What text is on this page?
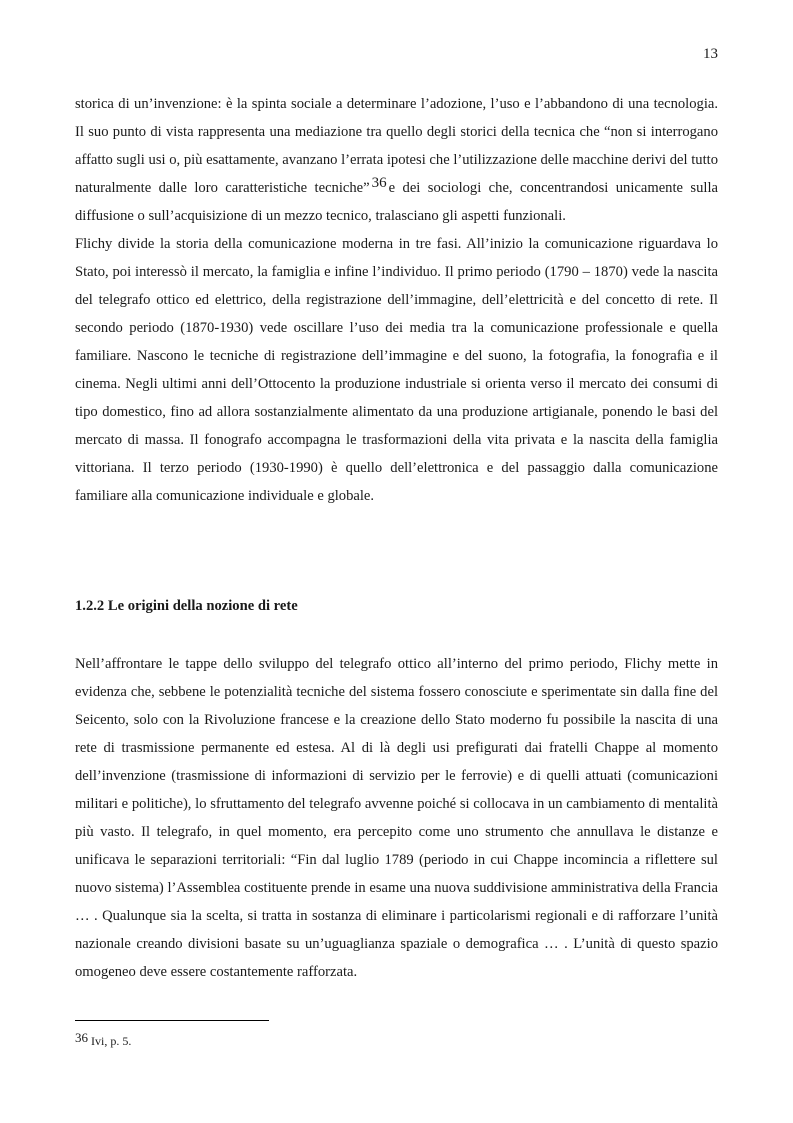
13

storica di un’invenzione: è la spinta sociale a determinare l’adozione, l’uso e l’abbandono di una tecnologia. Il suo punto di vista rappresenta una mediazione tra quello degli storici della tecnica che “non si interrogano affatto sugli usi o, più esattamente, avanzano l’errata ipotesi che l’utilizzazione delle macchine derivi del tutto naturalmente dalle loro caratteristiche tecniche” $^{36}$ e dei sociologi che, concentrandosi unicamente sulla diffusione o sull’acquisizione di un mezzo tecnico, tralasciano gli aspetti funzionali.

Flichy divide la storia della comunicazione moderna in tre fasi. All’inizio la comunicazione riguardava lo Stato, poi interessò il mercato, la famiglia e infine l’individuo. Il primo periodo (1790 – 1870) vede la nascita del telegrafo ottico ed elettrico, della registrazione dell’immagine, dell’elettricità e del concetto di rete. Il secondo periodo (1870-1930) vede oscillare l’uso dei media tra la comunicazione professionale e quella familiare. Nascono le tecniche di registrazione dell’immagine e del suono, la fotografia, la fonografia e il cinema. Negli ultimi anni dell’Ottocento la produzione industriale si orienta verso il mercato dei consumi di tipo domestico, fino ad allora sostanzialmente alimentato da una produzione artigianale, ponendo le basi del mercato di massa. Il fonografo accompagna le trasformazioni della vita privata e la nascita della famiglia vittoriana. Il terzo periodo (1930-1990) è quello dell’elettronica e del passaggio dalla comunicazione familiare alla comunicazione individuale e globale.

1.2.2 Le origini della nozione di rete

Nell’affrontare le tappe dello sviluppo del telegrafo ottico all’interno del primo periodo, Flichy mette in evidenza che, sebbene le potenzialità tecniche del sistema fossero conosciute e sperimentate sin dalla fine del Seicento, solo con la Rivoluzione francese e la creazione dello Stato moderno fu possibile la nascita di una rete di trasmissione permanente ed estesa. Al di là degli usi prefigurati dai fratelli Chappe al momento dell’invenzione (trasmissione di informazioni di servizio per le ferrovie) e di quelli attuati (comunicazioni militari e politiche), lo sfruttamento del telegrafo avvenne poiché si collocava in un cambiamento di mentalità più vasto. Il telegrafo, in quel momento, era percepito come uno strumento che annullava le distanze e unificava le separazioni territoriali: “Fin dal luglio 1789 (periodo in cui Chappe incomincia a riflettere sul nuovo sistema) l’Assemblea costituente prende in esame una nuova suddivisione amministrativa della Francia … . Qualunque sia la scelta, si tratta in sostanza di eliminare i particolarismi regionali e di rafforzare l’unità nazionale creando divisioni basate su un’uguaglianza spaziale o demografica … . L’unità di questo spazio omogeneo deve essere costantemente rafforzata.

36 Ivi, p. 5.
